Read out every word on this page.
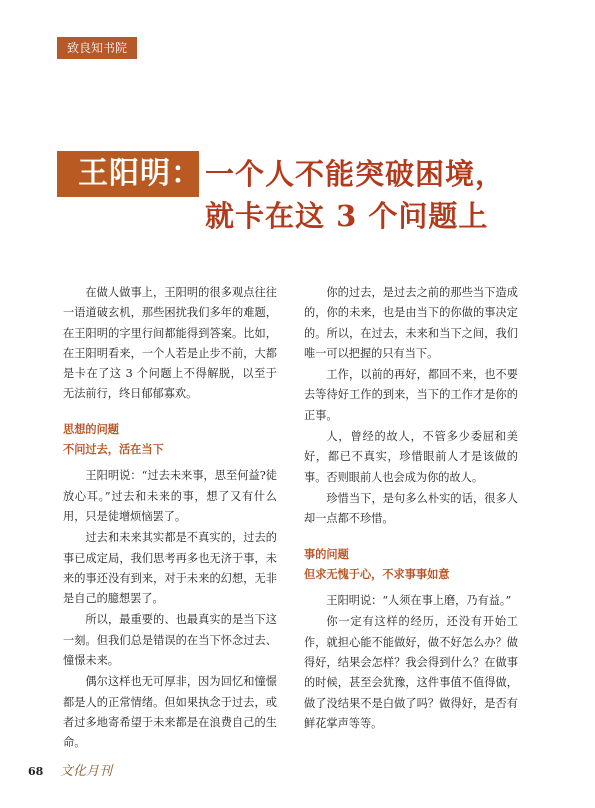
致良知书院
王阳明： 一个人不能突破困境，
就卡在这 3 个问题上

在做人做事上，王阳明的很多观点往往一语道破玄机，那些困扰我们多年的难题，在王阳明的字里行间都能得到答案。比如，在王阳明看来，一个人若是止步不前，大都是卡在了这 3 个问题上不得解脱，以至于无法前行，终日郁郁寡欢。

思想的问题
不问过去，活在当下

王阳明说：“过去未来事，思至何益?徒放心耳。”过去和未来的事，想了又有什么用，只是徒增烦恼罢了。

过去和未来其实都是不真实的，过去的事已成定局，我们思考再多也无济于事，未来的事还没有到来，对于未来的幻想，无非是自己的臆想罢了。

所以，最重要的、也最真实的是当下这一刻。但我们总是错误的在当下怀念过去、憧憬未来。

偶尔这样也无可厚非，因为回忆和憧憬都是人的正常情绪。但如果执念于过去，或者过多地寄希望于未来都是在浪费自己的生命。

你的过去，是过去之前的那些当下造成的，你的未来，也是由当下的你做的事决定的。所以，在过去，未来和当下之间，我们唯一可以把握的只有当下。

工作，以前的再好，都回不来，也不要去等待好工作的到来，当下的工作才是你的正事。

人，曾经的故人，不管多少委屈和美好，都已不真实，珍惜眼前人才是该做的事。否则眼前人也会成为你的故人。

珍惜当下，是句多么朴实的话，很多人却一点都不珍惜。

事的问题
但求无愧于心，不求事事如意

王阳明说：“人须在事上磨，乃有益。”

你一定有这样的经历，还没有开始工作，就担心能不能做好，做不好怎么办？做得好，结果会怎样？我会得到什么？在做事的时候，甚至会犹豫，这件事值不值得做，做了没结果不是白做了吗？做得好，是否有鲜花掌声等等。

68 文化月刊
